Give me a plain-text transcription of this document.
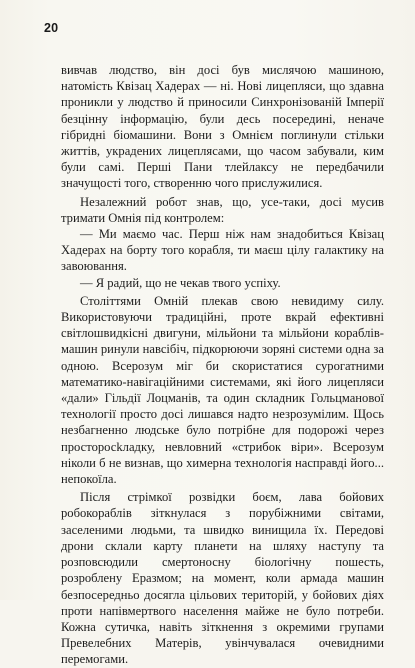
20

вивчав людство, він досі був мислячою машиною, натомість Квізац Хадерах — ні. Нові лицепляси, що здавна проникли у людство й приносили Синхронізованій Імперії безцінну інформацію, були десь посередині, неначе гібридні біомашини. Вони з Омнієм поглинули стільки життів, украдених лицеплясами, що часом забували, ким були самі. Перші Пани тлейлаксу не передбачили значущості того, створенню чого прислужилися.

Незалежний робот знав, що, усе-таки, досі мусив тримати Омнія під контролем:

— Ми маємо час. Перш ніж нам знадобиться Квізац Хадерах на борту того корабля, ти маєш цілу галактику на завоювання.

— Я радий, що не чекав твого успіху.

Століттями Омній плекав свою невидиму силу. Використовуючи традиційні, проте вкрай ефективні світлошвидкісні двигуни, мільйони та мільйони кораблів-машин ринули навсібіч, підкорюючи зоряні системи одна за одною. Всерозум міг би скористатися сурогатними математико-навігаційними системами, які його лицепляси «дали» Гільдії Лоцманів, та один складник Гольцманової технології просто досі лишався надто незрозумілим. Щось незбагненно людське було потрібне для подорожі через просторосkладку, невловний «стрибок віри». Всерозум ніколи б не визнав, що химерна технологія насправді його... непокоїла.

Після стрімкої розвідки боєм, лава бойових робокораблів зіткнулася з порубіжними світами, заселеними людьми, та швидко винищила їх. Передові дрони склали карту планети на шляху наступу та розповсюдили смертоносну біологічну пошесть, розроблену Еразмом; на момент, коли армада машин безпосередньо досягла цільових територій, у бойових діях проти напівмертвого населення майже не було потреби. Кожна сутичка, навіть зіткнення з окремими групами Превелебних Матерів, увінчувалася очевидними перемогами.
